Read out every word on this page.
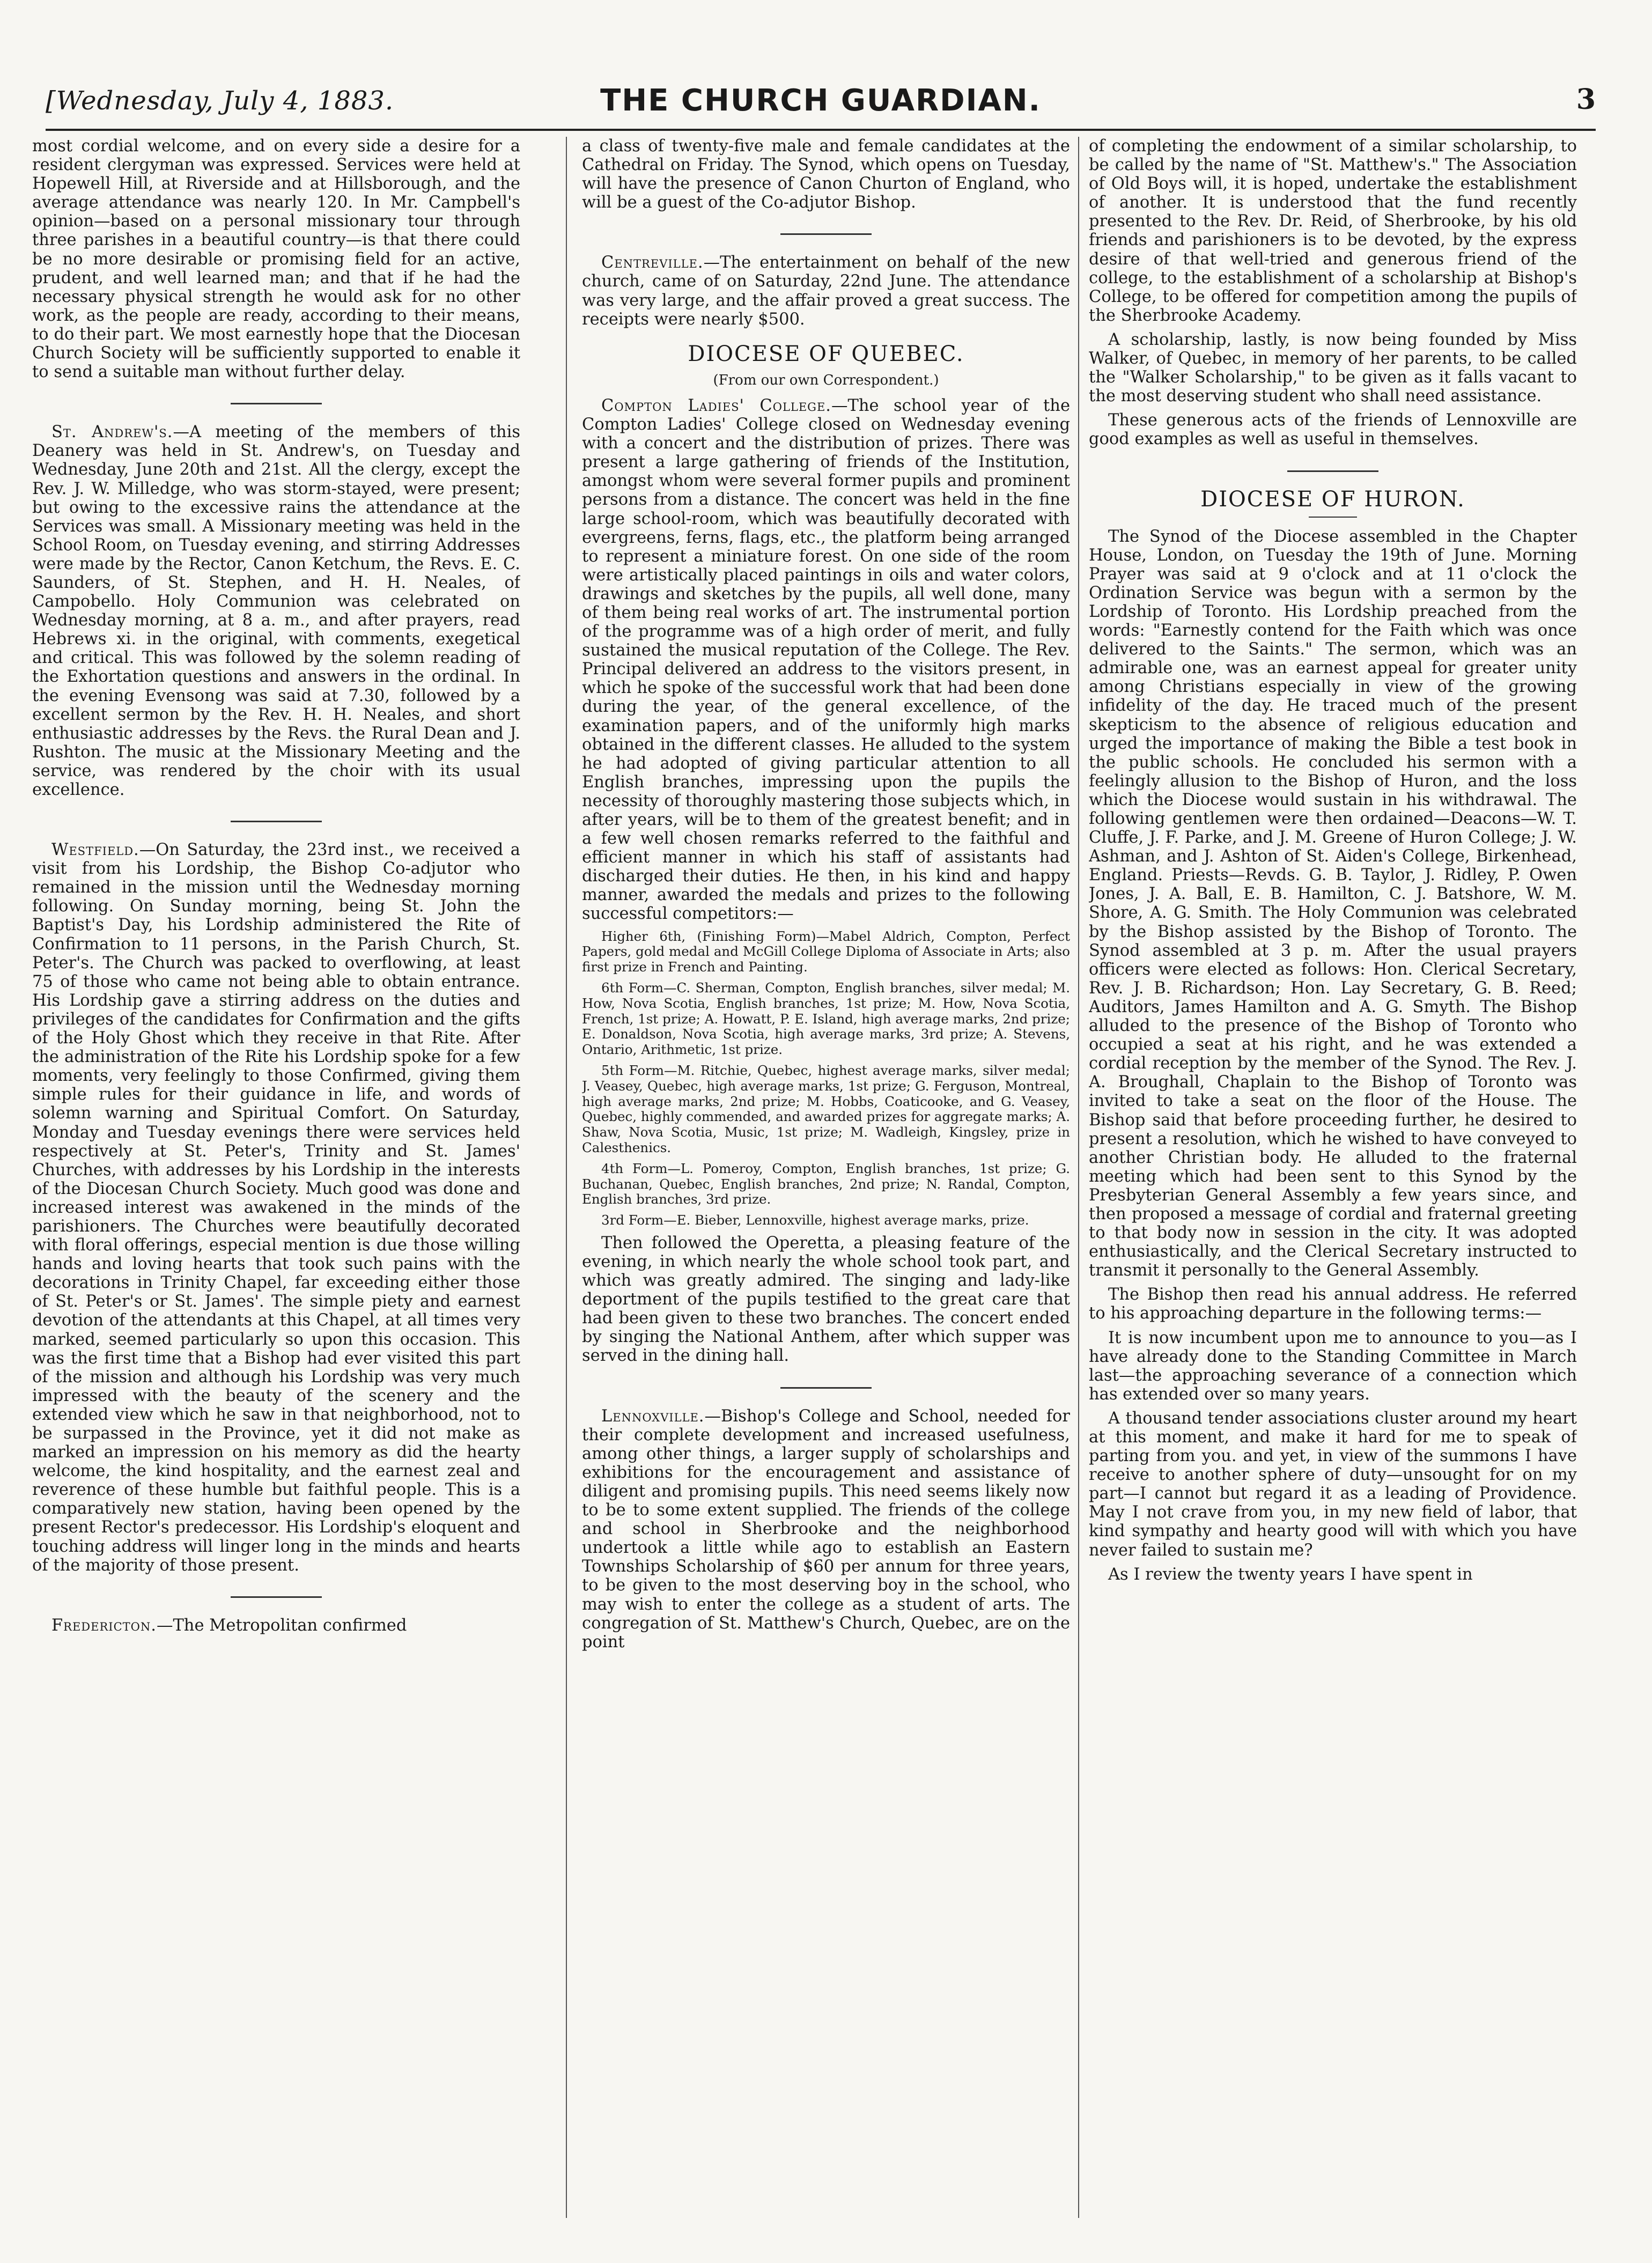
[Wednesday, July 4, 1883.	THE CHURCH GUARDIAN.	3

most cordial welcome, and on every side a desire for a resident clergyman was expressed. Services were held at Hopewell Hill, at Riverside and at Hillsborough, and the average attendance was nearly 120. In Mr. Campbell's opinion—based on a personal missionary tour through three parishes in a beautiful country—is that there could be no more desirable or promising field for an active, prudent, and well learned man; and that if he had the necessary physical strength he would ask for no other work, as the people are ready, according to their means, to do their part. We most earnestly hope that the Diocesan Church Society will be sufficiently supported to enable it to send a suitable man without further delay.

St. Andrew's.—A meeting of the members of this Deanery was held in St. Andrew's, on Tuesday and Wednesday, June 20th and 21st. All the clergy, except the Rev. J. W. Milledge, who was storm-stayed, were present; but owing to the excessive rains the attendance at the Services was small. A Missionary meeting was held in the School Room, on Tuesday evening, and stirring Addresses were made by the Rector, Canon Ketchum, the Revs. E. C. Saunders, of St. Stephen, and H. H. Neales, of Campobello. Holy Communion was celebrated on Wednesday morning, at 8 a. m., and after prayers, read Hebrews xi. in the original, with comments, exegetical and critical. This was followed by the solemn reading of the Exhortation questions and answers in the ordinal. In the evening Evensong was said at 7.30, followed by a excellent sermon by the Rev. H. H. Neales, and short enthusiastic addresses by the Revs. the Rural Dean and J. Rushton. The music at the Missionary Meeting and the service, was rendered by the choir with its usual excellence.

Westfield.—On Saturday, the 23rd inst., we received a visit from his Lordship, the Bishop Co-adjutor who remained in the mission until the Wednesday morning following. On Sunday morning, being St. John the Baptist's Day, his Lordship administered the Rite of Confirmation to 11 persons, in the Parish Church, St. Peter's. The Church was packed to overflowing, at least 75 of those who came not being able to obtain entrance. His Lordship gave a stirring address on the duties and privileges of the candidates for Confirmation and the gifts of the Holy Ghost which they receive in that Rite. After the administration of the Rite his Lordship spoke for a few moments, very feelingly to those Confirmed, giving them simple rules for their guidance in life, and words of solemn warning and Spiritual Comfort. On Saturday, Monday and Tuesday evenings there were services held respectively at St. Peter's, Trinity and St. James' Churches, with addresses by his Lordship in the interests of the Diocesan Church Society. Much good was done and increased interest was awakened in the minds of the parishioners. The Churches were beautifully decorated with floral offerings, especial mention is due those willing hands and loving hearts that took such pains with the decorations in Trinity Chapel, far exceeding either those of St. Peter's or St. James'. The simple piety and earnest devotion of the attendants at this Chapel, at all times very marked, seemed particularly so upon this occasion. This was the first time that a Bishop had ever visited this part of the mission and although his Lordship was very much impressed with the beauty of the scenery and the extended view which he saw in that neighborhood, not to be surpassed in the Province, yet it did not make as marked an impression on his memory as did the hearty welcome, the kind hospitality, and the earnest zeal and reverence of these humble but faithful people. This is a comparatively new station, having been opened by the present Rector's predecessor. His Lordship's eloquent and touching address will linger long in the minds and hearts of the majority of those present.

Fredericton.—The Metropolitan confirmed

a class of twenty-five male and female candidates at the Cathedral on Friday. The Synod, which opens on Tuesday, will have the presence of Canon Churton of England, who will be a guest of the Co-adjutor Bishop.

Centreville.—The entertainment on behalf of the new church, came of on Saturday, 22nd June. The attendance was very large, and the affair proved a great success. The receipts were nearly $500.

DIOCESE OF QUEBEC.
(From our own Correspondent.)

Compton Ladies' College.—The school year of the Compton Ladies' College closed on Wednesday evening with a concert and the distribution of prizes. There was present a large gathering of friends of the Institution, amongst whom were several former pupils and prominent persons from a distance. The concert was held in the fine large school-room, which was beautifully decorated with evergreens, ferns, flags, etc., the platform being arranged to represent a miniature forest. On one side of the room were artistically placed paintings in oils and water colors, drawings and sketches by the pupils, all well done, many of them being real works of art. The instrumental portion of the programme was of a high order of merit, and fully sustained the musical reputation of the College. The Rev. Principal delivered an address to the visitors present, in which he spoke of the successful work that had been done during the year, of the general excellence, of the examination papers, and of the uniformly high marks obtained in the different classes. He alluded to the system he had adopted of giving particular attention to all English branches, impressing upon the pupils the necessity of thoroughly mastering those subjects which, in after years, will be to them of the greatest benefit; and in a few well chosen remarks referred to the faithful and efficient manner in which his staff of assistants had discharged their duties. He then, in his kind and happy manner, awarded the medals and prizes to the following successful competitors:—

Higher 6th, (Finishing Form)—Mabel Aldrich, Compton, Perfect Papers, gold medal and McGill College Diploma of Associate in Arts; also first prize in French and Painting.

6th Form—C. Sherman, Compton, English branches, silver medal; M. How, Nova Scotia, English branches, 1st prize; M. How, Nova Scotia, French, 1st prize; A. Howatt, P. E. Island, high average marks, 2nd prize; E. Donaldson, Nova Scotia, high average marks, 3rd prize; A. Stevens, Ontario, Arithmetic, 1st prize.

5th Form—M. Ritchie, Quebec, highest average marks, silver medal; J. Veasey, Quebec, high average marks, 1st prize; G. Ferguson, Montreal, high average marks, 2nd prize; M. Hobbs, Coaticooke, and G. Veasey, Quebec, highly commended, and awarded prizes for aggregate marks; A. Shaw, Nova Scotia, Music, 1st prize; M. Wadleigh, Kingsley, prize in Calesthenics.

4th Form—L. Pomeroy, Compton, English branches, 1st prize; G. Buchanan, Quebec, English branches, 2nd prize; N. Randal, Compton, English branches, 3rd prize.

3rd Form—E. Bieber, Lennoxville, highest average marks, prize.

Then followed the Operetta, a pleasing feature of the evening, in which nearly the whole school took part, and which was greatly admired. The singing and lady-like deportment of the pupils testified to the great care that had been given to these two branches. The concert ended by singing the National Anthem, after which supper was served in the dining hall.

Lennoxville.—Bishop's College and School, needed for their complete development and increased usefulness, among other things, a larger supply of scholarships and exhibitions for the encouragement and assistance of diligent and promising pupils. This need seems likely now to be to some extent supplied. The friends of the college and school in Sherbrooke and the neighborhood undertook a little while ago to establish an Eastern Townships Scholarship of $60 per annum for three years, to be given to the most deserving boy in the school, who may wish to enter the college as a student of arts. The congregation of St. Matthew's Church, Quebec, are on the point

of completing the endowment of a similar scholarship, to be called by the name of "St. Matthew's." The Association of Old Boys will, it is hoped, undertake the establishment of another. It is understood that the fund recently presented to the Rev. Dr. Reid, of Sherbrooke, by his old friends and parishioners is to be devoted, by the express desire of that well-tried and generous friend of the college, to the establishment of a scholarship at Bishop's College, to be offered for competition among the pupils of the Sherbrooke Academy.

A scholarship, lastly, is now being founded by Miss Walker, of Quebec, in memory of her parents, to be called the "Walker Scholarship," to be given as it falls vacant to the most deserving student who shall need assistance.

These generous acts of the friends of Lennoxville are good examples as well as useful in themselves.

DIOCESE OF HURON.

The Synod of the Diocese assembled in the Chapter House, London, on Tuesday the 19th of June. Morning Prayer was said at 9 o'clock and at 11 o'clock the Ordination Service was begun with a sermon by the Lordship of Toronto. His Lordship preached from the words: "Earnestly contend for the Faith which was once delivered to the Saints." The sermon, which was an admirable one, was an earnest appeal for greater unity among Christians especially in view of the growing infidelity of the day. He traced much of the present skepticism to the absence of religious education and urged the importance of making the Bible a test book in the public schools. He concluded his sermon with a feelingly allusion to the Bishop of Huron, and the loss which the Diocese would sustain in his withdrawal. The following gentlemen were then ordained—Deacons—W. T. Cluffe, J. F. Parke, and J. M. Greene of Huron College; J. W. Ashman, and J. Ashton of St. Aiden's College, Birkenhead, England. Priests—Revds. G. B. Taylor, J. Ridley, P. Owen Jones, J. A. Ball, E. B. Hamilton, C. J. Batshore, W. M. Shore, A. G. Smith. The Holy Communion was celebrated by the Bishop assisted by the Bishop of Toronto. The Synod assembled at 3 p. m. After the usual prayers officers were elected as follows: Hon. Clerical Secretary, Rev. J. B. Richardson; Hon. Lay Secretary, G. B. Reed; Auditors, James Hamilton and A. G. Smyth. The Bishop alluded to the presence of the Bishop of Toronto who occupied a seat at his right, and he was extended a cordial reception by the member of the Synod. The Rev. J. A. Broughall, Chaplain to the Bishop of Toronto was invited to take a seat on the floor of the House. The Bishop said that before proceeding further, he desired to present a resolution, which he wished to have conveyed to another Christian body. He alluded to the fraternal meeting which had been sent to this Synod by the Presbyterian General Assembly a few years since, and then proposed a message of cordial and fraternal greeting to that body now in session in the city. It was adopted enthusiastically, and the Clerical Secretary instructed to transmit it personally to the General Assembly.

The Bishop then read his annual address. He referred to his approaching departure in the following terms:—

It is now incumbent upon me to announce to you—as I have already done to the Standing Committee in March last—the approaching severance of a connection which has extended over so many years.

A thousand tender associations cluster around my heart at this moment, and make it hard for me to speak of parting from you. and yet, in view of the summons I have receive to another sphere of duty—unsought for on my part—I cannot but regard it as a leading of Providence. May I not crave from you, in my new field of labor, that kind sympathy and hearty good will with which you have never failed to sustain me?

As I review the twenty years I have spent in
